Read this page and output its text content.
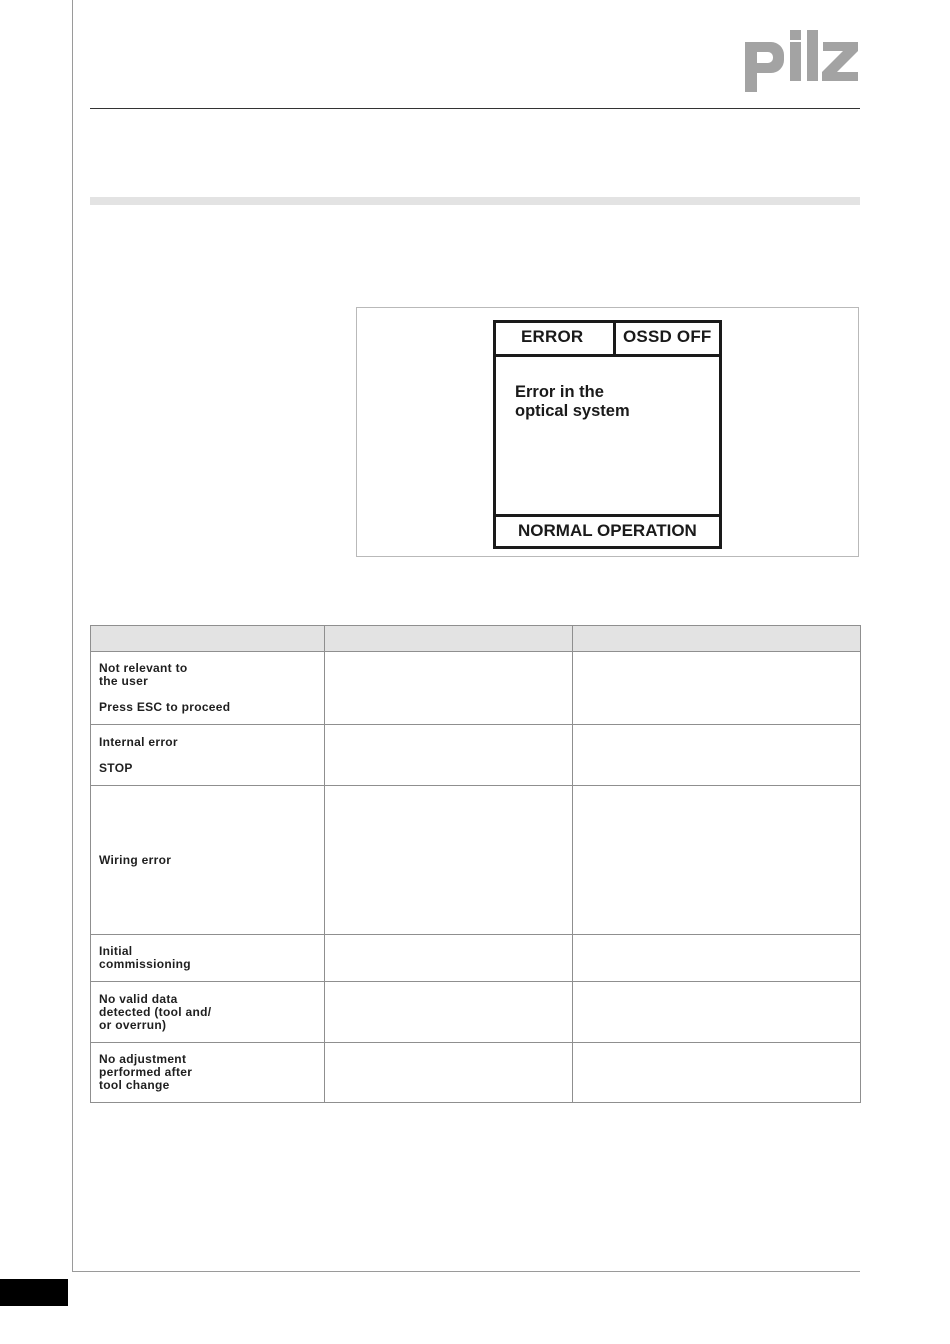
ERROR OSSD OFF
Error in the
optical system
NORMAL OPERATION

Not relevant to
the user
Press ESC to proceed		

Internal error
STOP		

Wiring error		

Initial
commissioning		

No valid data
detected (tool and/
or overrun)		

No adjustment
performed after
tool change		
